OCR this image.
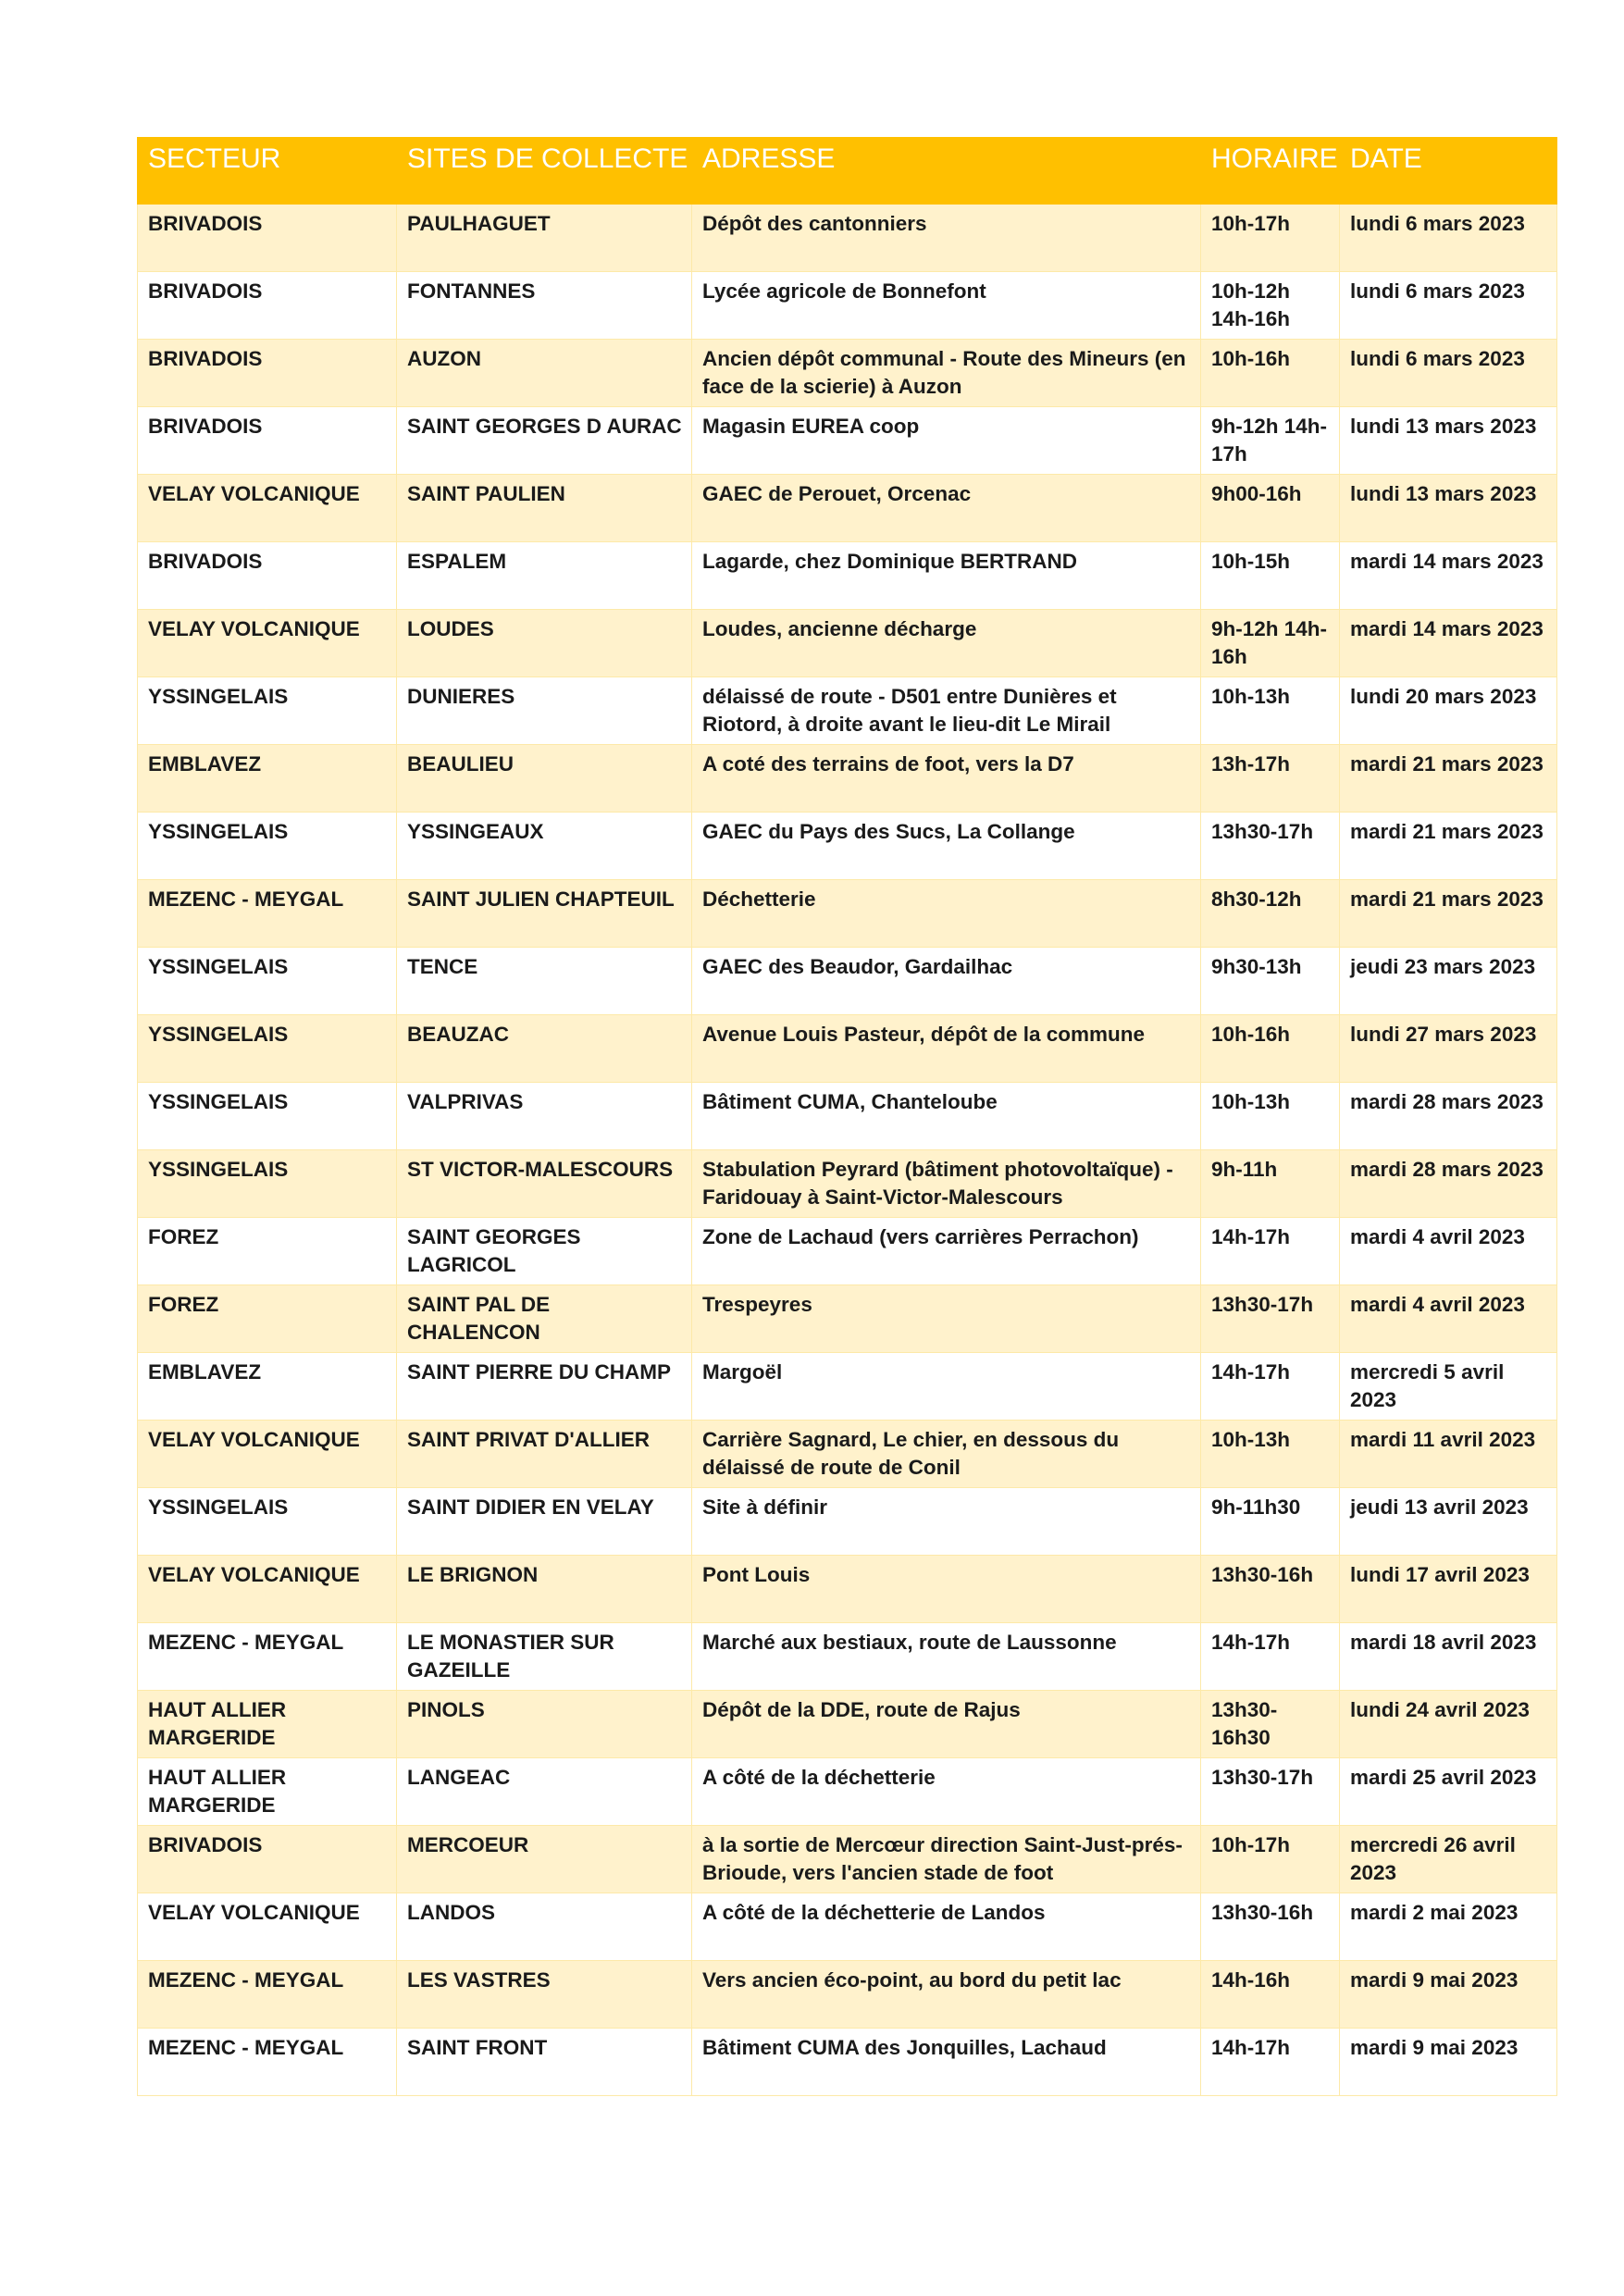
SECTEUR	SITES DE COLLECTE	ADRESSE	HORAIRE	DATE
BRIVADOIS	PAULHAGUET	Dépôt des cantonniers	10h-17h	lundi 6 mars 2023
BRIVADOIS	FONTANNES	Lycée agricole de Bonnefont	10h-12h 14h-16h	lundi 6 mars 2023
BRIVADOIS	AUZON	Ancien dépôt communal - Route des Mineurs (en face de la scierie) à Auzon	10h-16h	lundi 6 mars 2023
BRIVADOIS	SAINT GEORGES D AURAC	Magasin EUREA coop	9h-12h 14h-17h	lundi 13 mars 2023
VELAY VOLCANIQUE	SAINT PAULIEN	GAEC de Perouet, Orcenac	9h00-16h	lundi 13 mars 2023
BRIVADOIS	ESPALEM	Lagarde, chez Dominique BERTRAND	10h-15h	mardi 14 mars 2023
VELAY VOLCANIQUE	LOUDES	Loudes, ancienne décharge	9h-12h 14h-16h	mardi 14 mars 2023
YSSINGELAIS	DUNIERES	délaissé de route - D501 entre Dunières et Riotord, à droite avant le lieu-dit Le Mirail	10h-13h	lundi 20 mars 2023
EMBLAVEZ	BEAULIEU	A coté des terrains de foot, vers la D7	13h-17h	mardi 21 mars 2023
YSSINGELAIS	YSSINGEAUX	GAEC du Pays des Sucs, La Collange	13h30-17h	mardi 21 mars 2023
MEZENC - MEYGAL	SAINT JULIEN CHAPTEUIL	Déchetterie	8h30-12h	mardi 21 mars 2023
YSSINGELAIS	TENCE	GAEC des Beaudor, Gardailhac	9h30-13h	jeudi 23 mars 2023
YSSINGELAIS	BEAUZAC	Avenue Louis Pasteur, dépôt de la commune	10h-16h	lundi 27 mars 2023
YSSINGELAIS	VALPRIVAS	Bâtiment CUMA, Chanteloube	10h-13h	mardi 28 mars 2023
YSSINGELAIS	ST VICTOR-MALESCOURS	Stabulation Peyrard (bâtiment photovoltaïque) - Faridouay à Saint-Victor-Malescours	9h-11h	mardi 28 mars 2023
FOREZ	SAINT GEORGES LAGRICOL	Zone de Lachaud (vers carrières Perrachon)	14h-17h	mardi 4 avril 2023
FOREZ	SAINT PAL DE CHALENCON	Trespeyres	13h30-17h	mardi 4 avril 2023
EMBLAVEZ	SAINT PIERRE DU CHAMP	Margoël	14h-17h	mercredi 5 avril 2023
VELAY VOLCANIQUE	SAINT PRIVAT D'ALLIER	Carrière Sagnard, Le chier, en dessous du délaissé de route de Conil	10h-13h	mardi 11 avril 2023
YSSINGELAIS	SAINT DIDIER EN VELAY	Site à définir	9h-11h30	jeudi 13 avril 2023
VELAY VOLCANIQUE	LE BRIGNON	Pont Louis	13h30-16h	lundi 17 avril 2023
MEZENC - MEYGAL	LE MONASTIER SUR GAZEILLE	Marché aux bestiaux, route de Laussonne	14h-17h	mardi 18 avril 2023
HAUT ALLIER MARGERIDE	PINOLS	Dépôt de la DDE, route de Rajus	13h30-16h30	lundi 24 avril 2023
HAUT ALLIER MARGERIDE	LANGEAC	A côté de la déchetterie	13h30-17h	mardi 25 avril 2023
BRIVADOIS	MERCOEUR	à la sortie de Mercœur direction Saint-Just-prés-Brioude, vers l'ancien stade de foot	10h-17h	mercredi 26 avril 2023
VELAY VOLCANIQUE	LANDOS	A côté de la déchetterie de Landos	13h30-16h	mardi 2 mai 2023
MEZENC - MEYGAL	LES VASTRES	Vers ancien éco-point, au bord du petit lac	14h-16h	mardi 9 mai 2023
MEZENC - MEYGAL	SAINT FRONT	Bâtiment CUMA des Jonquilles, Lachaud	14h-17h	mardi 9 mai 2023
